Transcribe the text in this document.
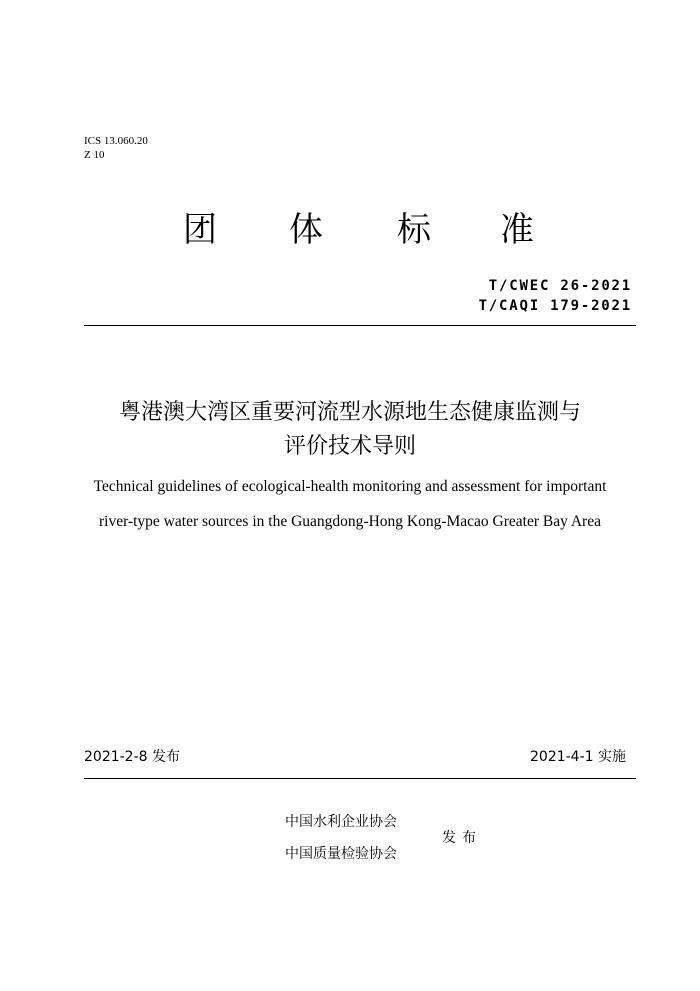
ICS 13.060.20
Z 10
团	体	标	准
T/CWEC 26-2021
T/CAQI 179-2021
粤港澳大湾区重要河流型水源地生态健康监测与
评价技术导则
Technical guidelines of ecological-health monitoring and assessment for important
river-type water sources in the Guangdong-Hong Kong-Macao Greater Bay Area
2021-2-8 发布	2021-4-1 实施
中国水利企业协会
中国质量检验协会
发布
